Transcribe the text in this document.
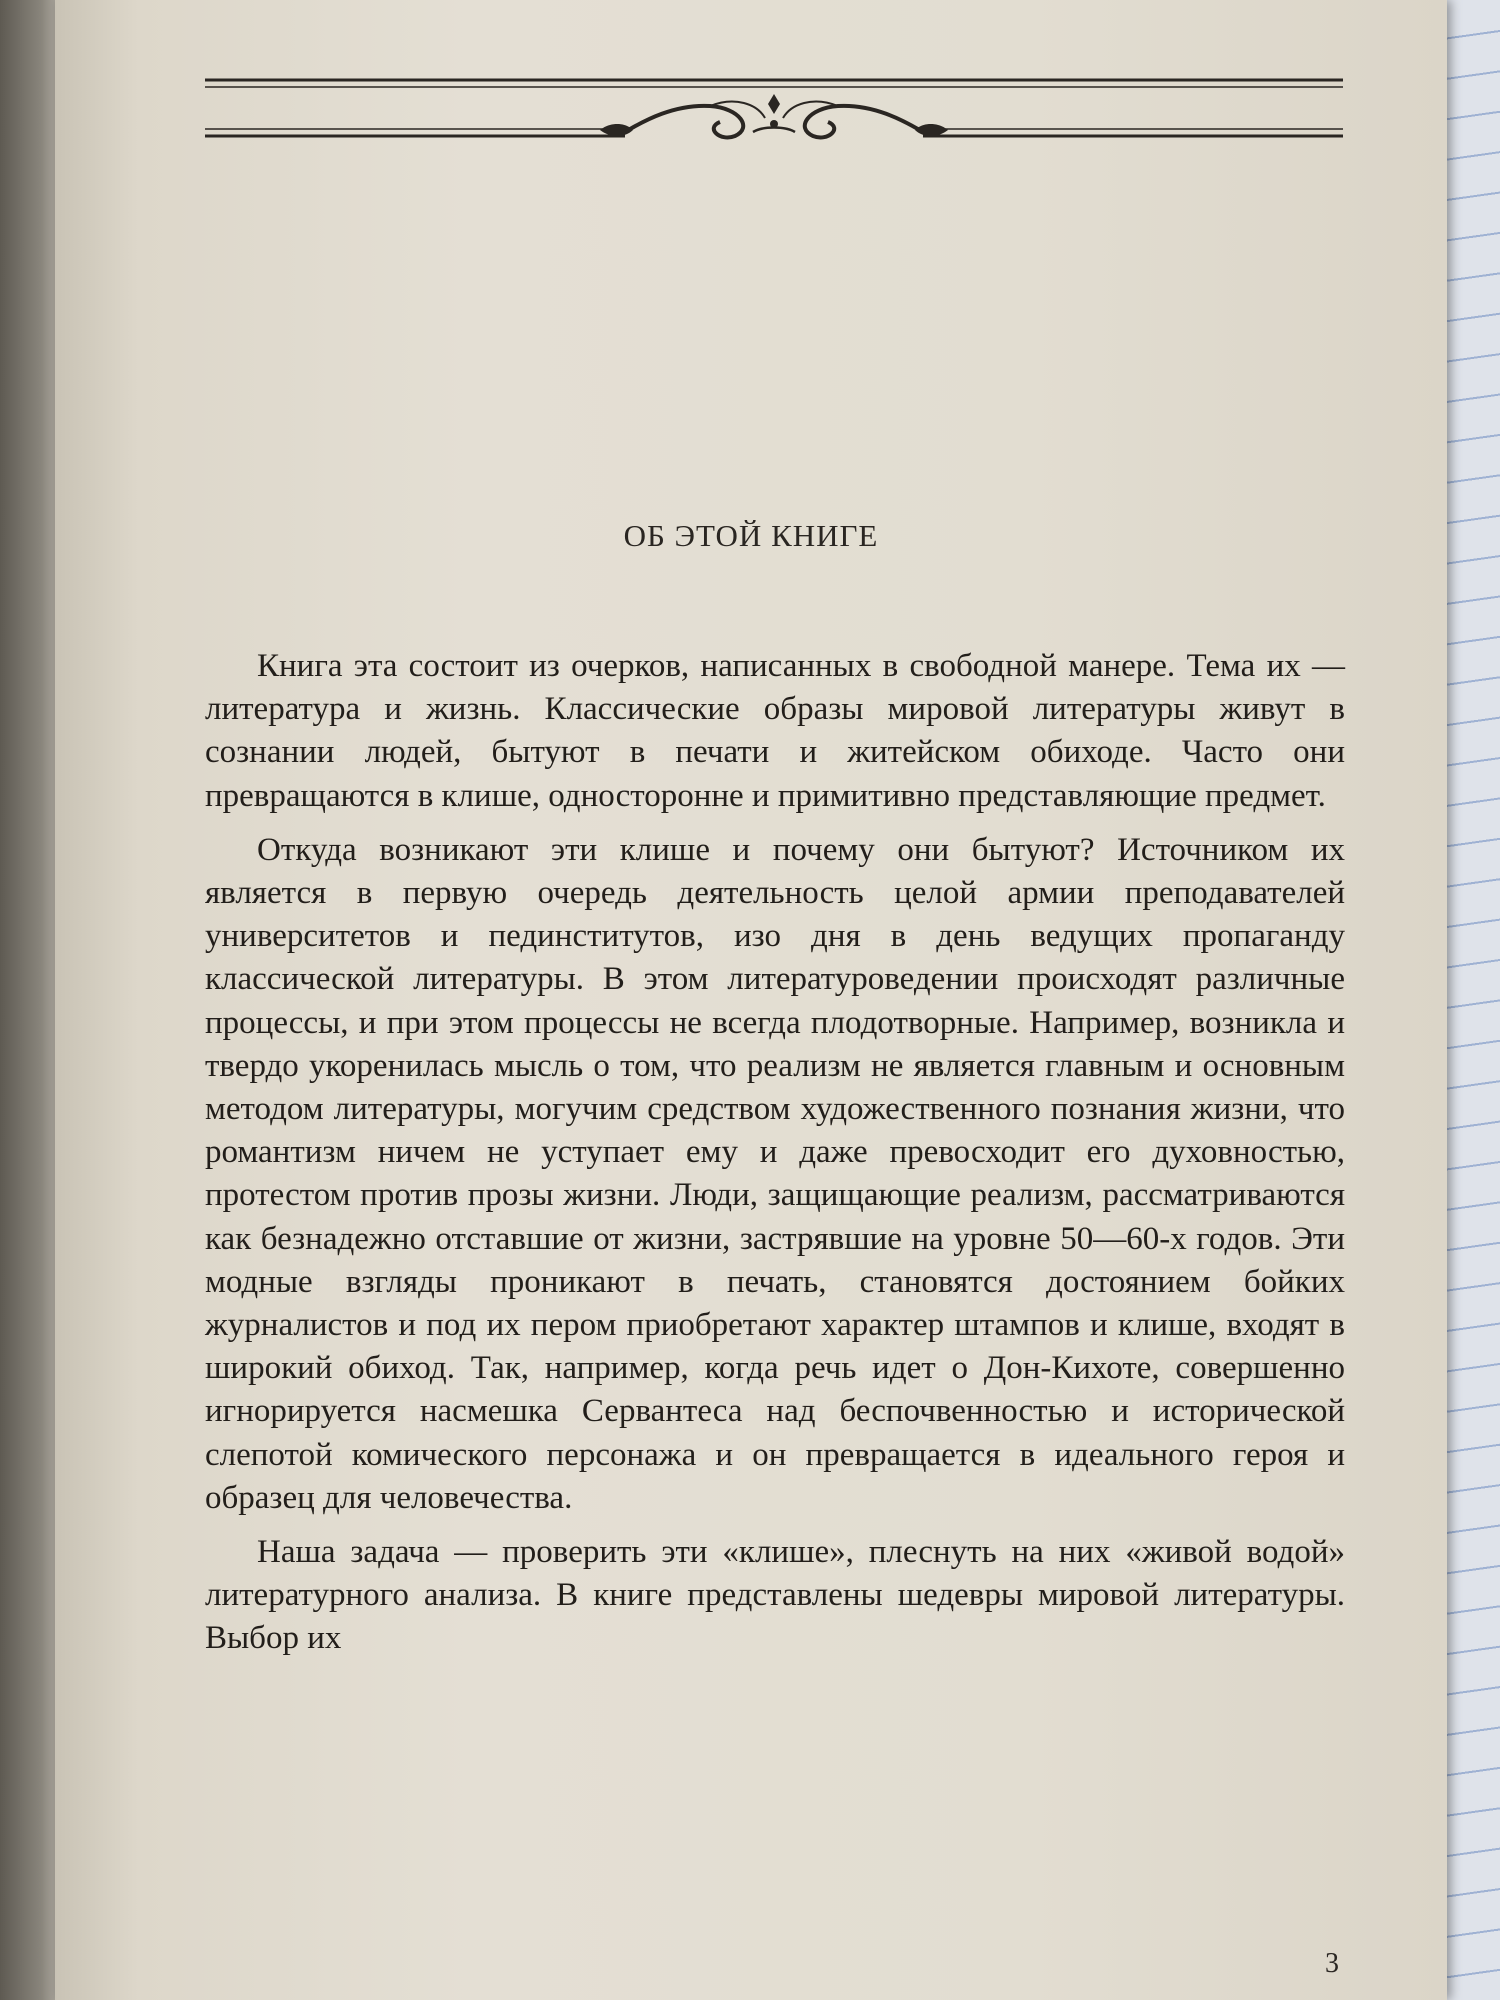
ОБ ЭТОЙ КНИГЕ

Книга эта состоит из очерков, написанных в свободной манере. Тема их — литература и жизнь. Классические образы мировой литературы живут в сознании людей, бытуют в печати и житейском обиходе. Часто они превращаются в клише, односторонне и примитивно представляющие предмет.

Откуда возникают эти клише и почему они бытуют? Источником их является в первую очередь деятельность целой армии преподавателей университетов и пединститутов, изо дня в день ведущих пропаганду классической литературы. В этом литературоведении происходят различные процессы, и при этом процессы не всегда плодотворные. Например, возникла и твердо укоренилась мысль о том, что реализм не является главным и основным методом литературы, могучим средством художественного познания жизни, что романтизм ничем не уступает ему и даже превосходит его духовностью, протестом против прозы жизни. Люди, защищающие реализм, рассматриваются как безнадежно отставшие от жизни, застрявшие на уровне 50—60-х годов. Эти модные взгляды проникают в печать, становятся достоянием бойких журналистов и под их пером приобретают характер штампов и клише, входят в широкий обиход. Так, например, когда речь идет о Дон-Кихоте, совершенно игнорируется насмешка Сервантеса над беспочвенностью и исторической слепотой комического персонажа и он превращается в идеального героя и образец для человечества.

Наша задача — проверить эти «клише», плеснуть на них «живой водой» литературного анализа. В книге представлены шедевры мировой литературы. Выбор их

3
